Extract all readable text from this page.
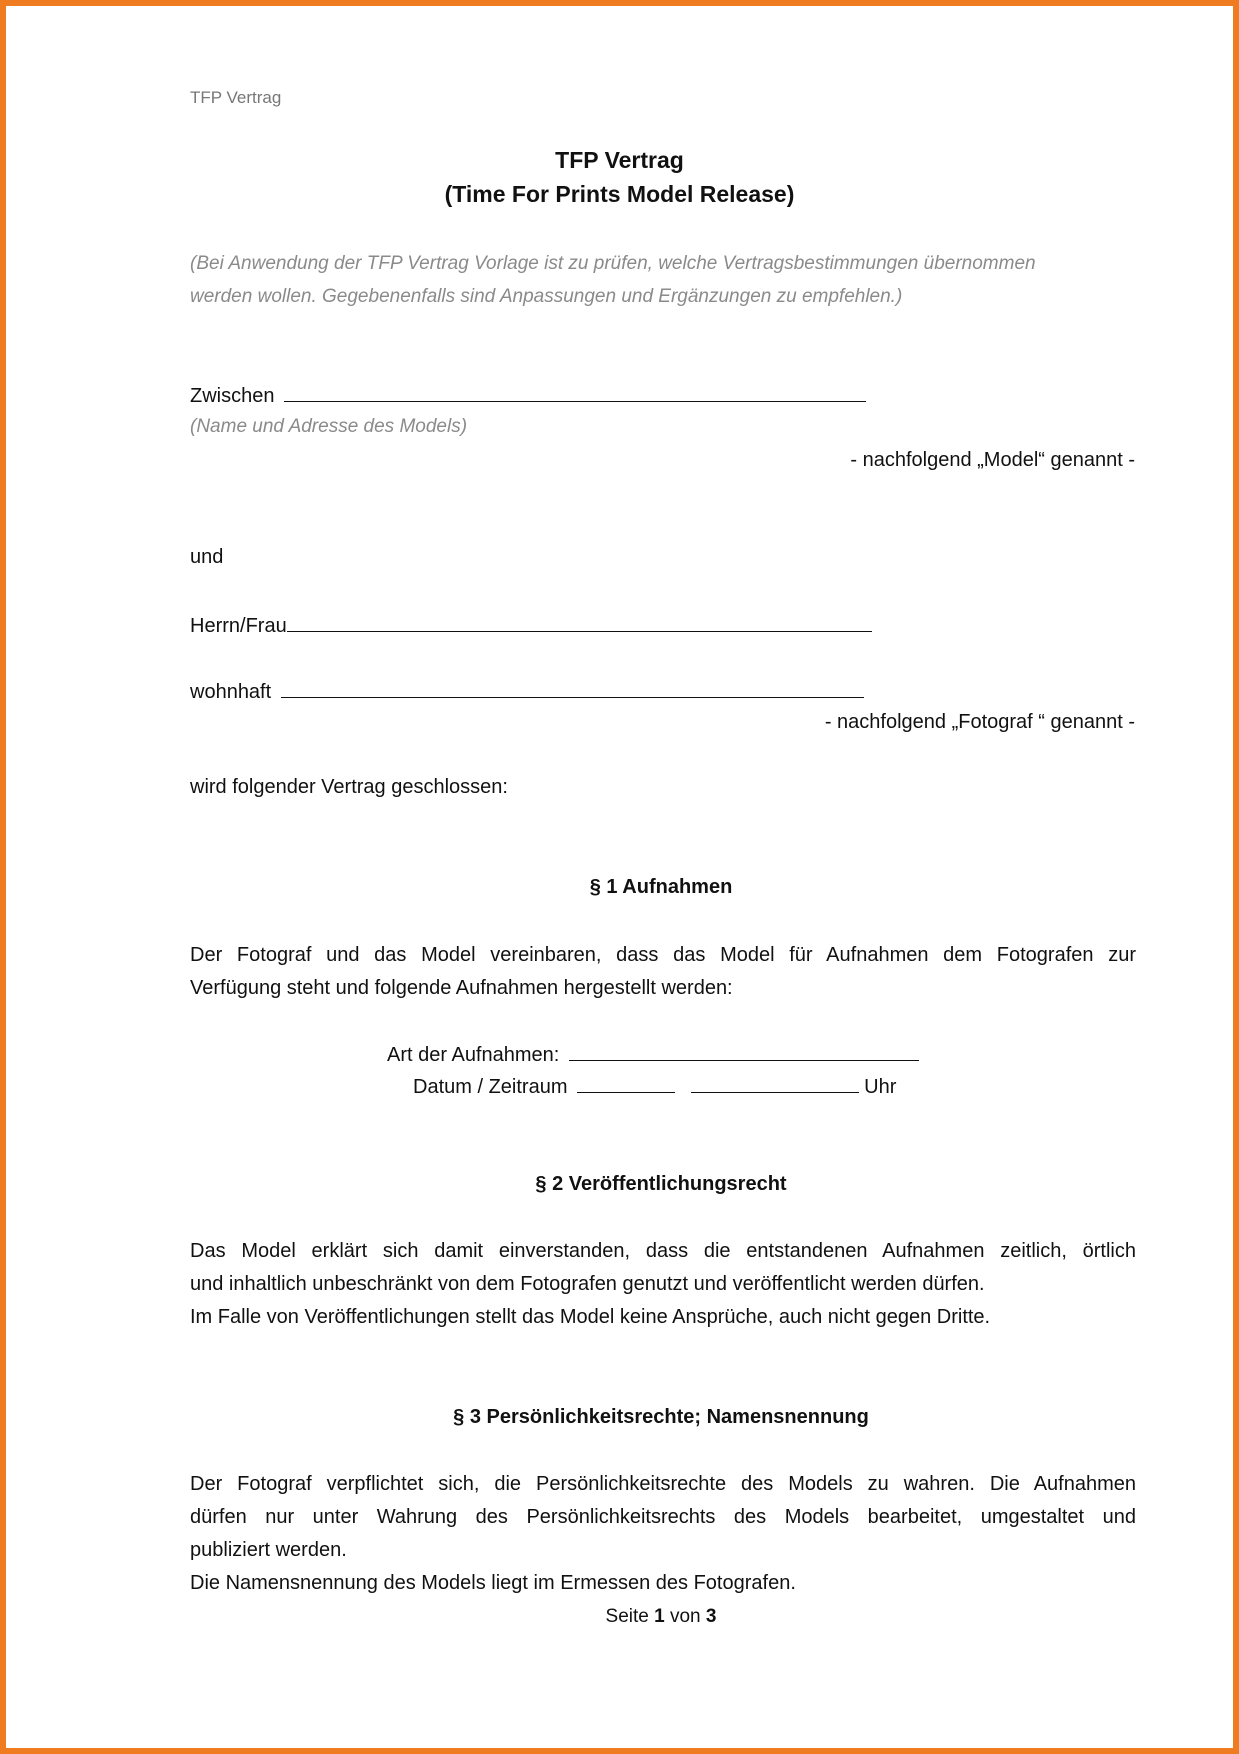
TFP Vertrag
TFP Vertrag
(Time For Prints Model Release)
(Bei Anwendung der TFP Vertrag Vorlage ist zu prüfen, welche Vertragsbestimmungen übernommen
werden wollen. Gegebenenfalls sind Anpassungen und Ergänzungen zu empfehlen.)
Zwischen
(Name und Adresse des Models)
- nachfolgend „Model“ genannt -
und
Herrn/Frau
wohnhaft
- nachfolgend „Fotograf “ genannt -
wird folgender Vertrag geschlossen:
§ 1 Aufnahmen
Der Fotograf und das Model vereinbaren, dass das Model für Aufnahmen dem Fotografen zur
Verfügung steht und folgende Aufnahmen hergestellt werden:
Art der Aufnahmen:
Datum / Zeitraum	Uhr
§ 2 Veröffentlichungsrecht
Das Model erklärt sich damit einverstanden, dass die entstandenen Aufnahmen zeitlich, örtlich
und inhaltlich unbeschränkt von dem Fotografen genutzt und veröffentlicht werden dürfen.
Im Falle von Veröffentlichungen stellt das Model keine Ansprüche, auch nicht gegen Dritte.
§ 3 Persönlichkeitsrechte; Namensnennung
Der Fotograf verpflichtet sich, die Persönlichkeitsrechte des Models zu wahren. Die Aufnahmen
dürfen nur unter Wahrung des Persönlichkeitsrechts des Models bearbeitet, umgestaltet und
publiziert werden.
Die Namensnennung des Models liegt im Ermessen des Fotografen.
Seite 1 von 3
